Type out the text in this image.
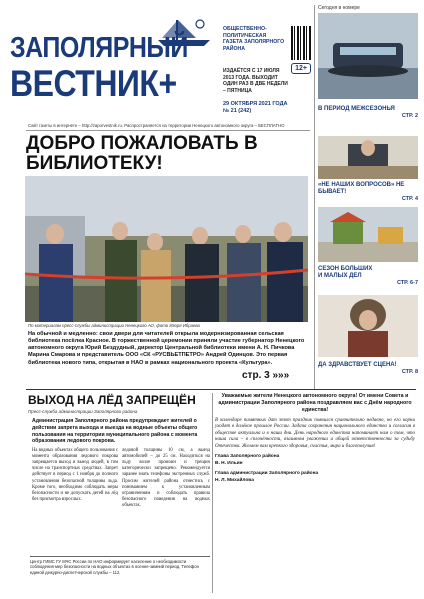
ЗАПОЛЯРНЫЙ
ВЕСТНИК+
ОБЩЕСТВЕННО-ПОЛИТИЧЕСКАЯ ГАЗЕТА ЗАПОЛЯРНОГО РАЙОНА
ИЗДАЁТСЯ С 17 ИЮЛЯ 2013 ГОДА. ВЫХОДИТ ОДИН РАЗ В ДВЕ НЕДЕЛИ – ПЯТНИЦА
12+
29 ОКТЯБРЯ 2021 ГОДА
№ 21 (242)
Сайт газеты в интернете – http://zaporvestnik.ru. Распространяется на территории Ненецкого автономного округа – БЕСПЛАТНО
ДОБРО ПОЖАЛОВАТЬ В БИБЛИОТЕКУ!
По материалам пресс-службы администрации Ненецкого АО, фото Игоря Ибраева
На обычной и медленно: свои двери для читателей открыла модернизированная сельская библиотека посёлка Красное. В торжественной церемонии приняли участие губернатор Ненецкого автономного округа Юрий Бездудный, директор Центральной библиотеки имени А. Н. Пичкова Марина Смарова и представитель ООО «СК «РУСВЬЕТПЕТРО» Андрей Одинцов. Это первая библиотека нового типа, открытая в НАО в рамках национального проекта «Культура».
стр. 3 »»»
Сегодня в номере
В ПЕРИОД МЕЖСЕЗОНЬЯ
СТР. 2
«НЕ НАШИХ ВОПРОСОВ» НЕ БЫВАЕТ!
СТР. 4
СЕЗОН БОЛЬШИХ И МАЛЫХ ДЕЛ
СТР. 6-7
ДА ЗДРАВСТВУЕТ СЦЕНА!
СТР. 8
ВЫХОД НА ЛЁД ЗАПРЕЩЁН
Пресс-служба администрации Заполярного района
Администрация Заполярного района предупреждает жителей о действии запрета выхода и выезда на водные объекты общего пользования на территории муниципального района с момента образования ледового покрова.
На водных объектах общего пользования с момента образования ледового покрова запрещается выход и выезд людей, в том числе на транспортных средствах. Запрет действует в период с 1 ноября до полного установления безопасной толщины льда. Кроме того, необходимо соблюдать меры безопасности и не допускать детей на лёд без присмотра взрослых.
ледовой толщины 10 см, а выезд автомобилей – до 25 см. Находиться на льду возле промоин и трещин категорически запрещено. Рекомендуется заранее знать телефоны экстренных служб. Просим жителей района отнестись с пониманием к установленным ограничениям и соблюдать правила безопасного поведения на водных объектах.
Центр ГИМС ГУ МЧС России по НАО информирует население о необходимости соблюдения мер безопасности на водных объектах в осенне-зимний период. Телефон единой дежурно-диспетчерской службы – 112.
Уважаемые жители Ненецкого автономного округа! От имени Совета и администрации Заполярного района поздравляем вас с Днём народного единства!
В календаре памятных дат этот праздник появился сравнительно недавно, но его корни уходят в далёкое прошлое России. Задача сохранения национального единства и согласия в обществе актуальна и в наши дни. День народного единства напоминает нам о том, что наша сила – в сплочённости, взаимном уважении и общей ответственности за судьбу Отечества. Желаем вам крепкого здоровья, счастья, мира и благополучия!

Глава Заполярного района
В. Н. Ильин

Глава администрации Заполярного района
Н. Л. Михайлова
